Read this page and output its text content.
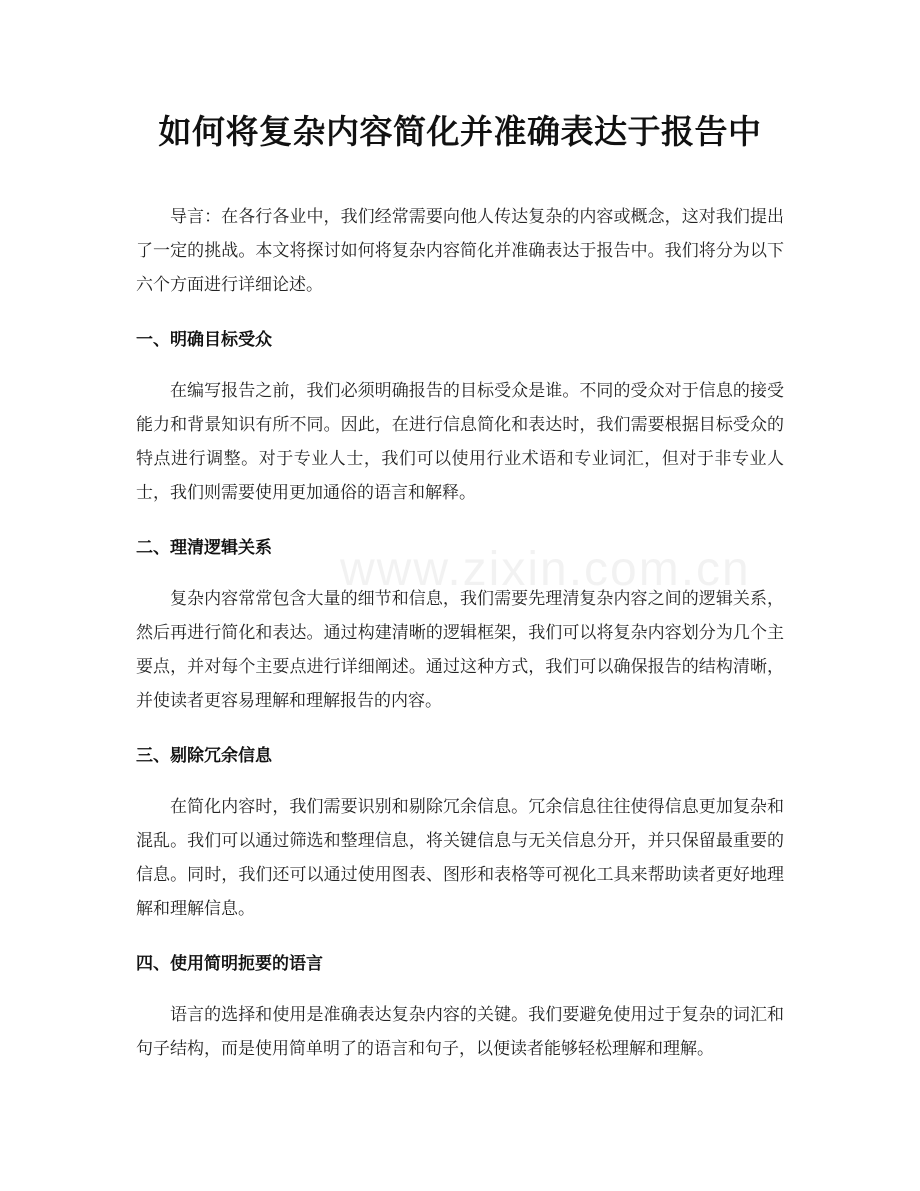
如何将复杂内容简化并准确表达于报告中

导言：在各行各业中，我们经常需要向他人传达复杂的内容或概念，这对我们提出了一定的挑战。本文将探讨如何将复杂内容简化并准确表达于报告中。我们将分为以下六个方面进行详细论述。

一、明确目标受众

在编写报告之前，我们必须明确报告的目标受众是谁。不同的受众对于信息的接受能力和背景知识有所不同。因此，在进行信息简化和表达时，我们需要根据目标受众的特点进行调整。对于专业人士，我们可以使用行业术语和专业词汇，但对于非专业人士，我们则需要使用更加通俗的语言和解释。

二、理清逻辑关系

复杂内容常常包含大量的细节和信息，我们需要先理清复杂内容之间的逻辑关系，然后再进行简化和表达。通过构建清晰的逻辑框架，我们可以将复杂内容划分为几个主要点，并对每个主要点进行详细阐述。通过这种方式，我们可以确保报告的结构清晰，并使读者更容易理解和理解报告的内容。

三、剔除冗余信息

在简化内容时，我们需要识别和剔除冗余信息。冗余信息往往使得信息更加复杂和混乱。我们可以通过筛选和整理信息，将关键信息与无关信息分开，并只保留最重要的信息。同时，我们还可以通过使用图表、图形和表格等可视化工具来帮助读者更好地理解和理解信息。

四、使用简明扼要的语言

语言的选择和使用是准确表达复杂内容的关键。我们要避免使用过于复杂的词汇和句子结构，而是使用简单明了的语言和句子，以便读者能够轻松理解和理解。

www.zixin.com.cn
